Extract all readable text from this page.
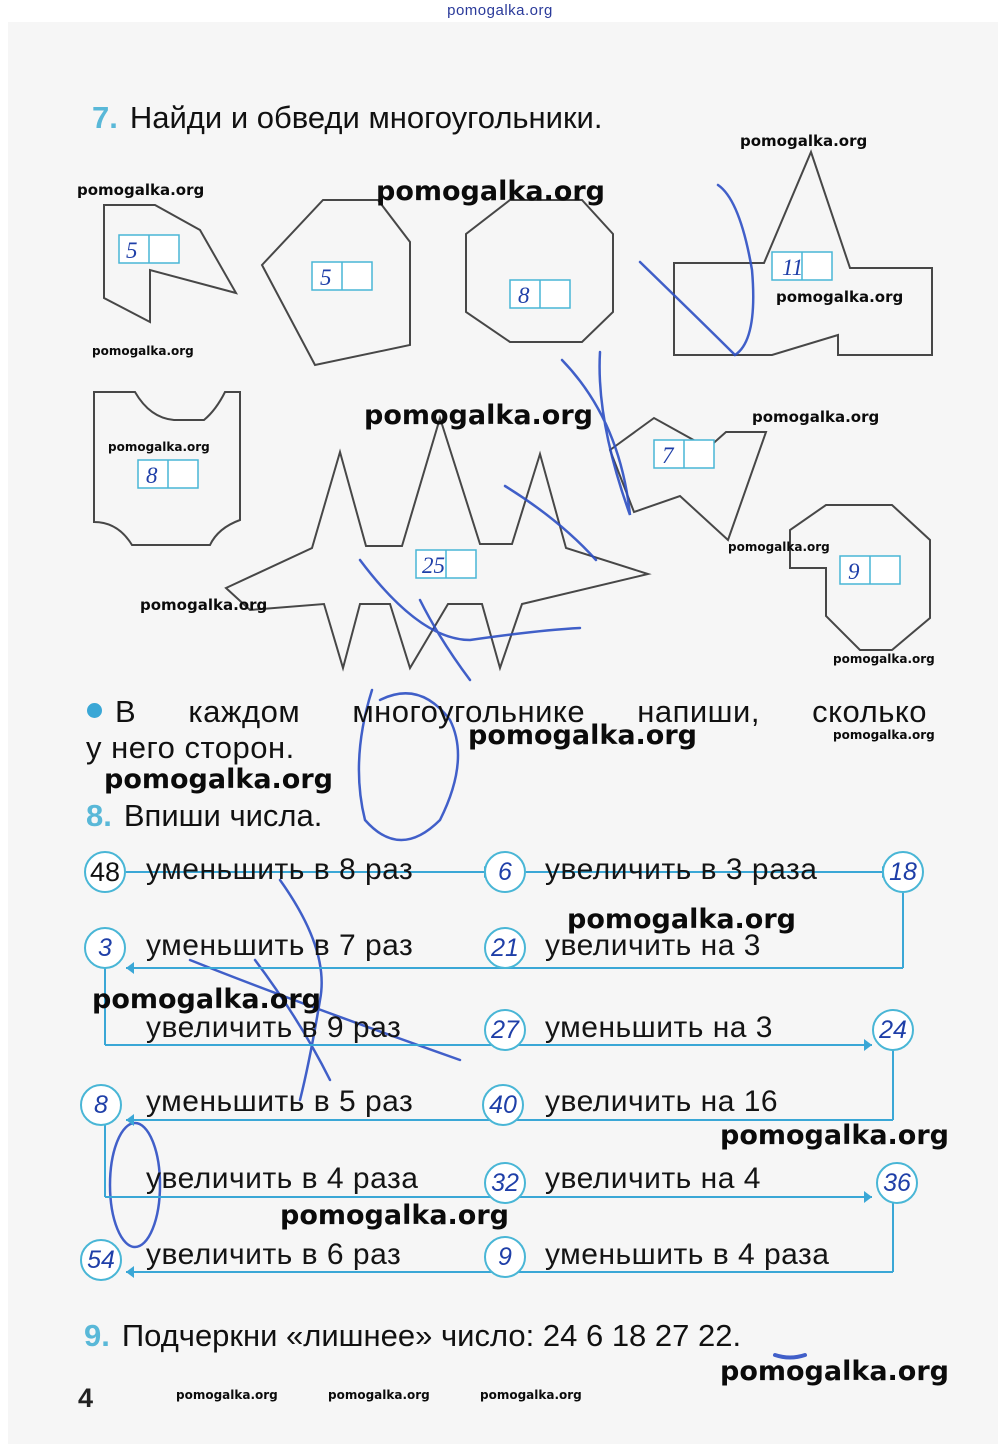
pomogalka.org
7. Найди и обведи многоугольники.
5
5
8
11
8
7
25	9
В каждом многоугольнике напиши, сколько
у него сторон.
8. Впиши числа.
48 уменьшить в 8 раз	6	увеличить в 3 раза	18
3	уменьшить в 7 раз	21 увеличить на 3
увеличить в 9 раз	27 уменьшить на 3	24
8	уменьшить в 5 раз	40 увеличить на 16
увеличить в 4 раза	32 увеличить на 4	36
54 увеличить в 6 раз	9	уменьшить в 4 раза
9. Подчеркни «лишнее» число: 24 6 18 27 22.
4
pomogalka.org
pomogalka.org	pomogalka.org
pomogalka.org
pomogalka.org
pomogalka.org	pomogalka.org
pomogalka.org
pomogalka.org
pomogalka.org
pomogalka.org
pomogalka.org
pomogalka.org
pomogalka.org
pomogalka.org
pomogalka.org
pomogalka.org
pomogalka.org
pomogalka.org
pomogalka.org	pomogalka.org	pomogalka.org
